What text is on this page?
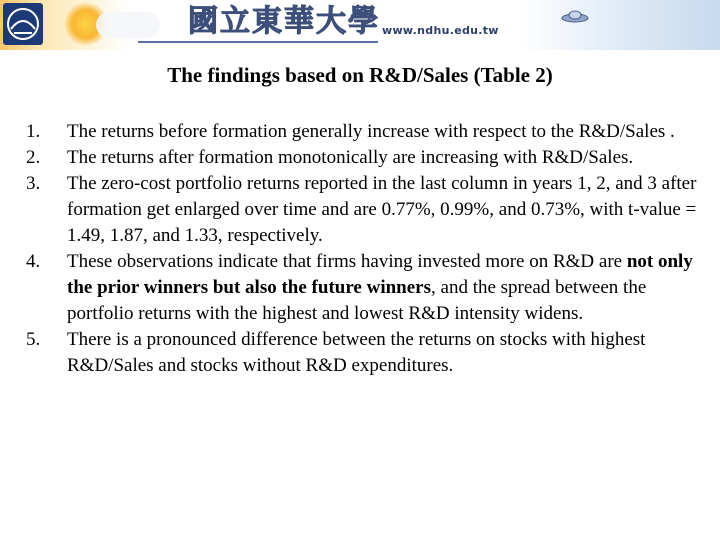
國立東華大學 www.ndhu.edu.tw
The findings based on R&D/Sales (Table 2)
1. The returns before formation generally increase with respect to the R&D/Sales .
2. The returns after formation monotonically are increasing with R&D/Sales.
3. The zero-cost portfolio returns reported in the last column in years 1, 2, and 3 after formation get enlarged over time and are 0.77%, 0.99%, and 0.73%, with t-value = 1.49, 1.87, and 1.33, respectively.
4. These observations indicate that firms having invested more on R&D are not only the prior winners but also the future winners, and the spread between the portfolio returns with the highest and lowest R&D intensity widens.
5. There is a pronounced difference between the returns on stocks with highest R&D/Sales and stocks without R&D expenditures.
